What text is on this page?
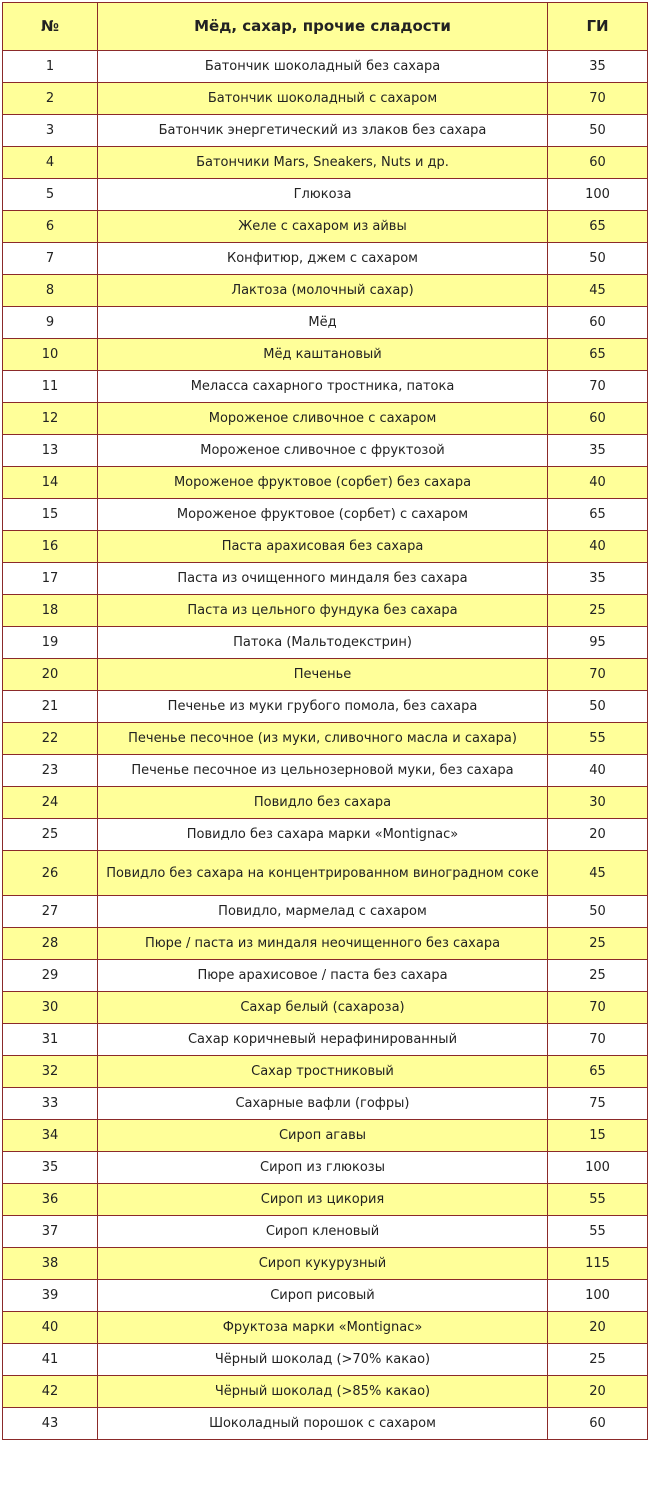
№	Мёд, сахар, прочие сладости	ГИ
1	Батончик шоколадный без сахара	35
2	Батончик шоколадный с сахаром	70
3	Батончик энергетический из злаков без сахара	50
4	Батончики Mars, Sneakers, Nuts и др.	60
5	Глюкоза	100
6	Желе с сахаром из айвы	65
7	Конфитюр, джем с сахаром	50
8	Лактоза (молочный сахар)	45
9	Мёд	60
10	Мёд каштановый	65
11	Меласса сахарного тростника, патока	70
12	Мороженое сливочное с сахаром	60
13	Мороженое сливочное с фруктозой	35
14	Мороженое фруктовое (сорбет) без сахара	40
15	Мороженое фруктовое (сорбет) с сахаром	65
16	Паста арахисовая без сахара	40
17	Паста из очищенного миндаля без сахара	35
18	Паста из цельного фундука без сахара	25
19	Патока (Мальтодекстрин)	95
20	Печенье	70
21	Печенье из муки грубого помола, без сахара	50
22	Печенье песочное (из муки, сливочного масла и сахара)	55
23	Печенье песочное из цельнозерновой муки, без сахара	40
24	Повидло без сахара	30
25	Повидло без сахара марки «Montignac»	20
26	Повидло без сахара на концентрированном виноградном соке	45
27	Повидло, мармелад с сахаром	50
28	Пюре / паста из миндаля неочищенного без сахара	25
29	Пюре арахисовое / паста без сахара	25
30	Сахар белый (сахароза)	70
31	Сахар коричневый нерафинированный	70
32	Сахар тростниковый	65
33	Сахарные вафли (гофры)	75
34	Сироп агавы	15
35	Сироп из глюкозы	100
36	Сироп из цикория	55
37	Сироп кленовый	55
38	Сироп кукурузный	115
39	Сироп рисовый	100
40	Фруктоза марки «Montignac»	20
41	Чёрный шоколад (>70% какао)	25
42	Чёрный шоколад (>85% какао)	20
43	Шоколадный порошок с сахаром	60
